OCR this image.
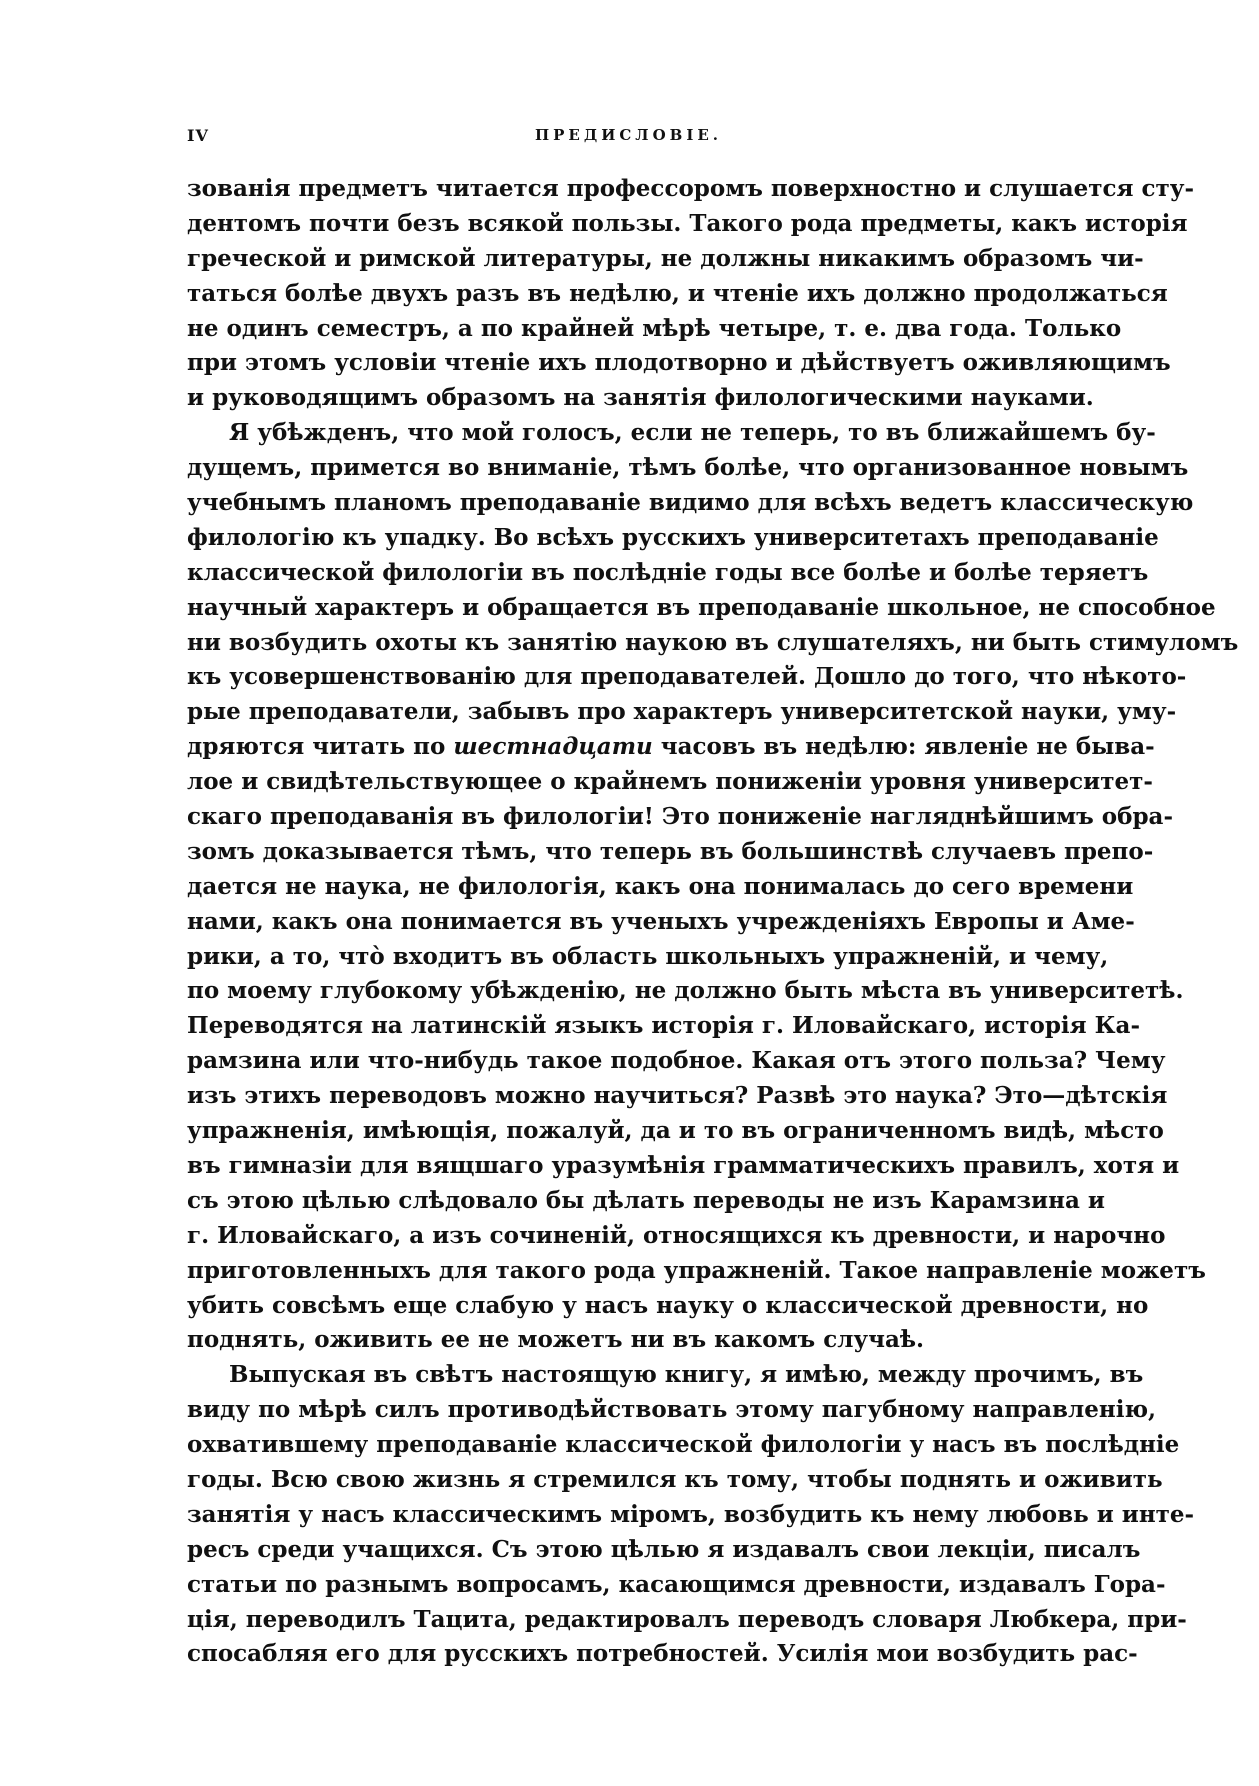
IV	ПРЕДИСЛОВІЕ.
зованія предметъ читается профессоромъ поверхностно и слушается сту-
дентомъ почти безъ всякой пользы. Такого рода предметы, какъ исторія
греческой и римской литературы, не должны никакимъ образомъ чи-
таться болѣе двухъ разъ въ недѣлю, и чтеніе ихъ должно продолжаться
не одинъ семестръ, а по крайней мѣрѣ четыре, т. е. два года. Только
при этомъ условіи чтеніе ихъ плодотворно и дѣйствуетъ оживляющимъ
и руководящимъ образомъ на занятія филологическими науками.
Я убѣжденъ, что мой голосъ, если не теперь, то въ ближайшемъ бу-
дущемъ, примется во вниманіе, тѣмъ болѣе, что организованное новымъ
учебнымъ планомъ преподаваніе видимо для всѣхъ ведетъ классическую
филологію къ упадку. Во всѣхъ русскихъ университетахъ преподаваніе
классической филологіи въ послѣдніе годы все болѣе и болѣе теряетъ
научный характеръ и обращается въ преподаваніе школьное, не способное
ни возбудить охоты къ занятію наукою въ слушателяхъ, ни быть стимуломъ
къ усовершенствованію для преподавателей. Дошло до того, что нѣкото-
рые преподаватели, забывъ про характеръ университетской науки, уму-
дряются читать по шестнадцати часовъ въ недѣлю: явленіе не быва-
лое и свидѣтельствующее о крайнемъ пониженіи уровня университет-
скаго преподаванія въ филологіи! Это пониженіе нагляднѣйшимъ обра-
зомъ доказывается тѣмъ, что теперь въ большинствѣ случаевъ препо-
дается не наука, не филологія, какъ она понималась до сего времени
нами, какъ она понимается въ ученыхъ учрежденіяхъ Европы и Аме-
рики, а то, что̀ входитъ въ область школьныхъ упражненій, и чему,
по моему глубокому убѣжденію, не должно быть мѣста въ университетѣ.
Переводятся на латинскій языкъ исторія г. Иловайскаго, исторія Ка-
рамзина или что-нибудь такое подобное. Какая отъ этого польза? Чему
изъ этихъ переводовъ можно научиться? Развѣ это наука? Это—дѣтскія
упражненія, имѣющія, пожалуй, да и то въ ограниченномъ видѣ, мѣсто
въ гимназіи для вящшаго уразумѣнія грамматическихъ правилъ, хотя и
съ этою цѣлью слѣдовало бы дѣлать переводы не изъ Карамзина и
г. Иловайскаго, а изъ сочиненій, относящихся къ древности, и нарочно
приготовленныхъ для такого рода упражненій. Такое направленіе можетъ
убить совсѣмъ еще слабую у насъ науку о классической древности, но
поднять, оживить ее не можетъ ни въ какомъ случаѣ.
Выпуская въ свѣтъ настоящую книгу, я имѣю, между прочимъ, въ
виду по мѣрѣ силъ противодѣйствовать этому пагубному направленію,
охватившему преподаваніе классической филологіи у насъ въ послѣдніе
годы. Всю свою жизнь я стремился къ тому, чтобы поднять и оживить
занятія у насъ классическимъ міромъ, возбудить къ нему любовь и инте-
ресъ среди учащихся. Съ этою цѣлью я издавалъ свои лекціи, писалъ
статьи по разнымъ вопросамъ, касающимся древности, издавалъ Гора-
ція, переводилъ Тацита, редактировалъ переводъ словаря Любкера, при-
спосабляя его для русскихъ потребностей. Усилія мои возбудить рас-
